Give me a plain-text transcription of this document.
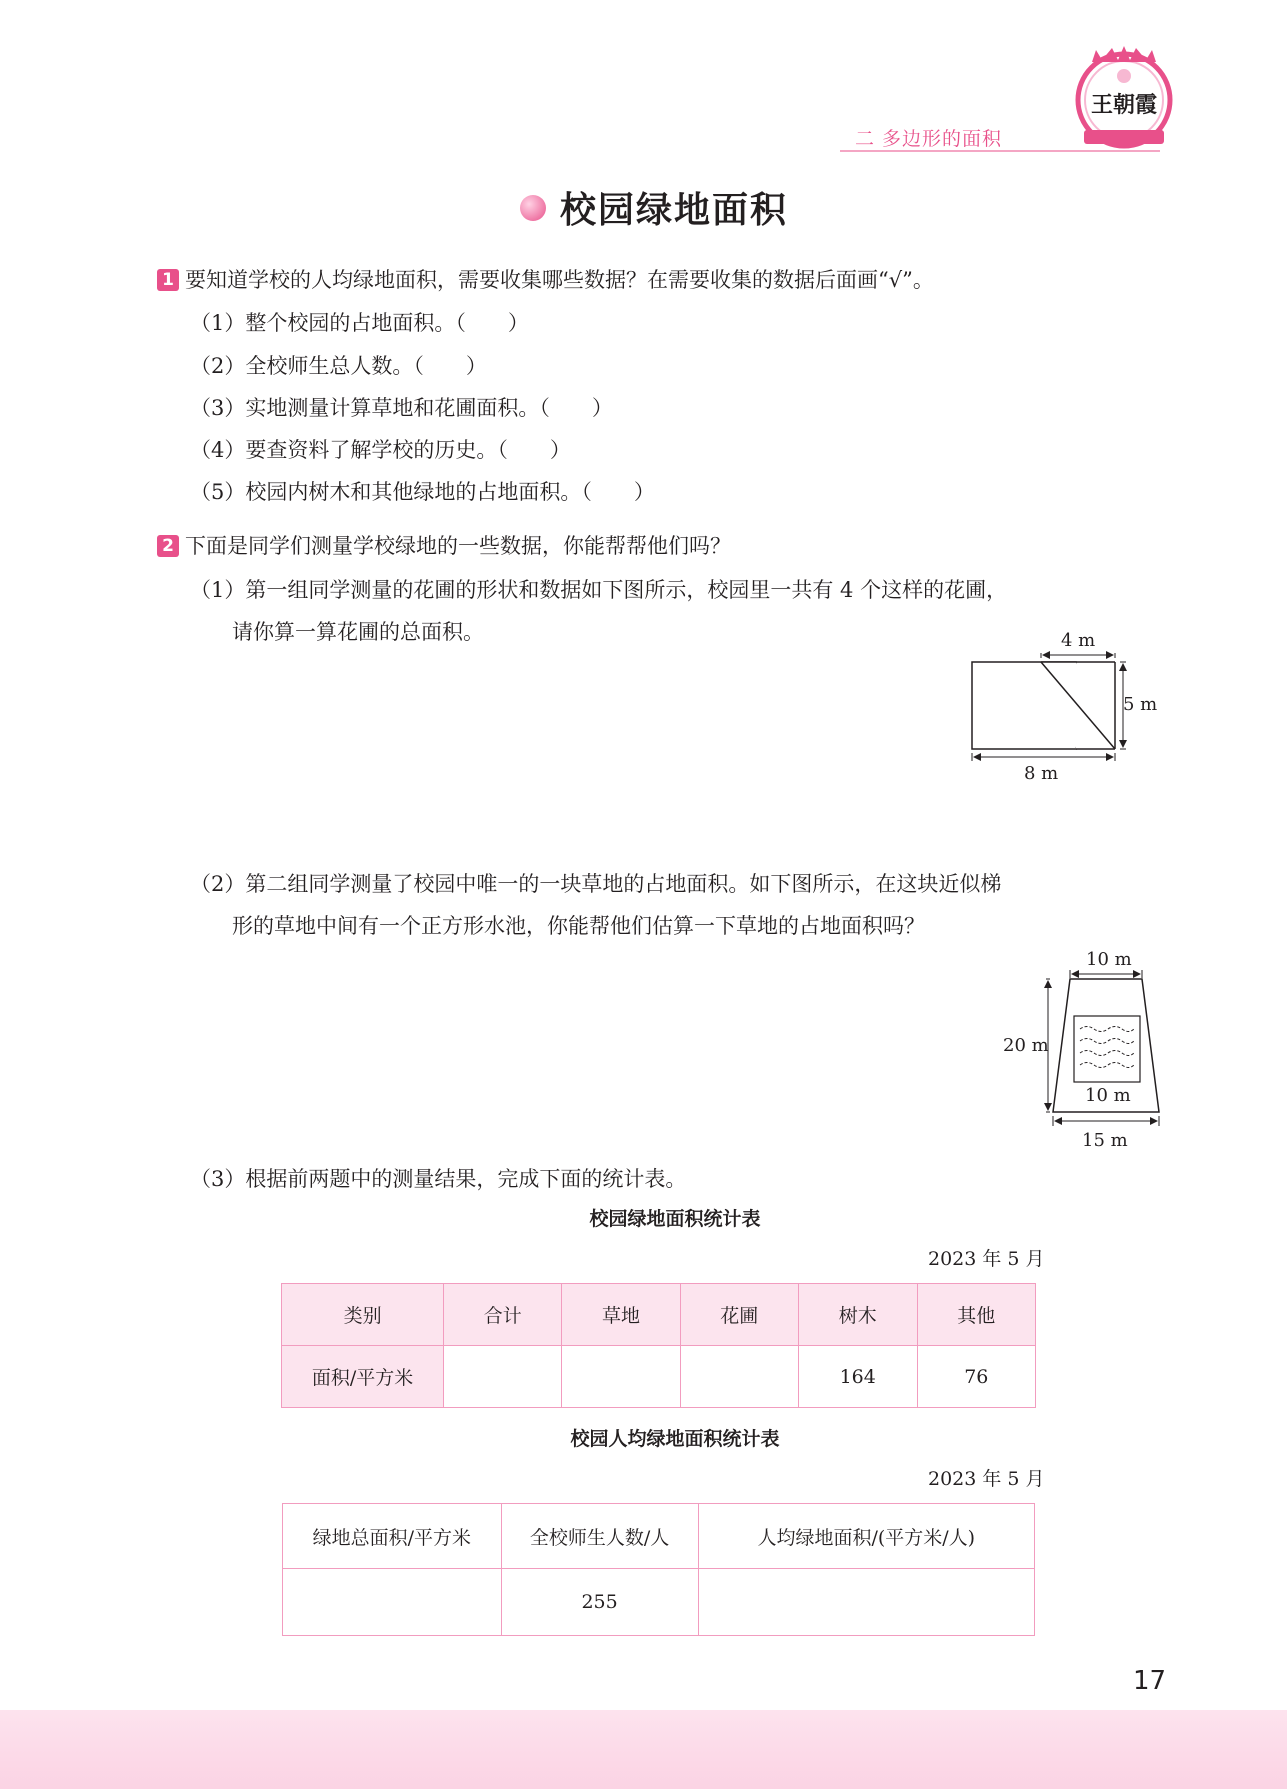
二 多边形的面积
王朝霞
校园绿地面积
1 要知道学校的人均绿地面积，需要收集哪些数据？在需要收集的数据后面画“√”。
（1）整个校园的占地面积。（　　）
（2）全校师生总人数。（　　）
（3）实地测量计算草地和花圃面积。（　　）
（4）要查资料了解学校的历史。（　　）
（5）校园内树木和其他绿地的占地面积。（　　）
2 下面是同学们测量学校绿地的一些数据，你能帮帮他们吗？
（1）第一组同学测量的花圃的形状和数据如下图所示，校园里一共有 4 个这样的花圃，
请你算一算花圃的总面积。	4 m
5 m
8 m
（2）第二组同学测量了校园中唯一的一块草地的占地面积。如下图所示，在这块近似梯
形的草地中间有一个正方形水池，你能帮他们估算一下草地的占地面积吗？
10 m
20 m
10 m
15 m
（3）根据前两题中的测量结果，完成下面的统计表。
校园绿地面积统计表
2023 年 5 月
类别	合计	草地	花圃	树木	其他
面积/平方米				164	76
校园人均绿地面积统计表
2023 年 5 月
绿地总面积/平方米	全校师生人数/人	人均绿地面积/(平方米/人)
	255	
17
